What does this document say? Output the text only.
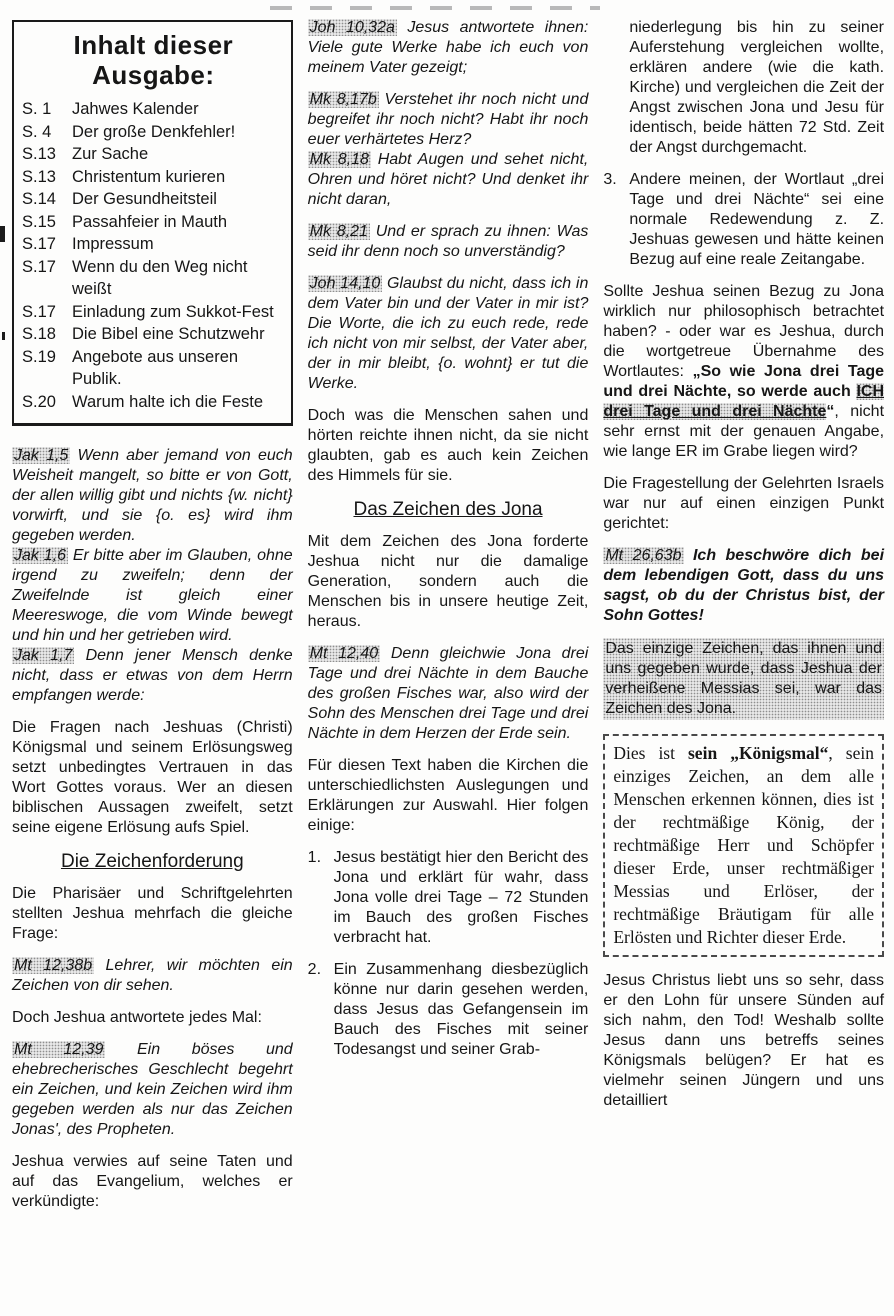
Inhalt dieser Ausgabe:
S. 1	Jahwes Kalender
S. 4	Der große Denkfehler!
S.13 Zur Sache
S.13 Christentum kurieren
S.14 Der Gesundheitsteil
S.15 Passahfeier in Mauth
S.17 Impressum
S.17 Wenn du den Weg nicht weißt
S.17 Einladung zum Sukkot-Fest
S.18 Die Bibel eine Schutzwehr
S.19 Angebote aus unseren Publik.
S.20 Warum halte ich die Feste

Jak 1,5 Wenn aber jemand von euch Weisheit mangelt, so bitte er von Gott, der allen willig gibt und nichts {w. nicht} vorwirft, und sie {o. es} wird ihm gegeben werden.

Jak 1,6 Er bitte aber im Glauben, ohne irgend zu zweifeln; denn der Zweifelnde ist gleich einer Meereswoge, die vom Winde bewegt und hin und her getrieben wird.

Jak 1,7 Denn jener Mensch denke nicht, dass er etwas von dem Herrn empfangen werde:

Die Fragen nach Jeshuas (Christi) Königsmal und seinem Erlösungsweg setzt unbedingtes Vertrauen in das Wort Gottes voraus. Wer an diesen biblischen Aussagen zweifelt, setzt seine eigene Erlösung aufs Spiel.

Die Zeichenforderung

Die Pharisäer und Schriftgelehrten stellten Jeshua mehrfach die gleiche Frage:

Mt 12,38b Lehrer, wir möchten ein Zeichen von dir sehen.

Doch Jeshua antwortete jedes Mal:

Mt 12,39 Ein böses und ehebrecherisches Geschlecht begehrt ein Zeichen, und kein Zeichen wird ihm gegeben werden als nur das Zeichen Jonas', des Propheten.

Jeshua verwies auf seine Taten und auf das Evangelium, welches er verkündigte:

Joh 10,32a Jesus antwortete ihnen: Viele gute Werke habe ich euch von meinem Vater gezeigt;

Mk 8,17b Verstehet ihr noch nicht und begreifet ihr noch nicht? Habt ihr noch euer verhärtetes Herz?

Mk 8,18 Habt Augen und sehet nicht, Ohren und höret nicht? Und denket ihr nicht daran,

Mk 8,21 Und er sprach zu ihnen: Was seid ihr denn noch so unverständig?

Joh 14,10 Glaubst du nicht, dass ich in dem Vater bin und der Vater in mir ist? Die Worte, die ich zu euch rede, rede ich nicht von mir selbst, der Vater aber, der in mir bleibt, {o. wohnt} er tut die Werke.

Doch was die Menschen sahen und hörten reichte ihnen nicht, da sie nicht glaubten, gab es auch kein Zeichen des Himmels für sie.

Das Zeichen des Jona

Mit dem Zeichen des Jona forderte Jeshua nicht nur die damalige Generation, sondern auch die Menschen bis in unsere heutige Zeit, heraus.

Mt 12,40 Denn gleichwie Jona drei Tage und drei Nächte in dem Bauche des großen Fisches war, also wird der Sohn des Menschen drei Tage und drei Nächte in dem Herzen der Erde sein.

Für diesen Text haben die Kirchen die unterschiedlichsten Auslegungen und Erklärungen zur Auswahl. Hier folgen einige:

1. Jesus bestätigt hier den Bericht des Jona und erklärt für wahr, dass Jona volle drei Tage – 72 Stunden im Bauch des großen Fisches verbracht hat.
2. Ein Zusammenhang diesbezüglich könne nur darin gesehen werden, dass Jesus das Gefangensein im Bauch des Fisches mit seiner Todesangst und seiner Grab-
niederlegung bis hin zu seiner Auferstehung vergleichen wollte, erklären andere (wie die kath. Kirche) und vergleichen die Zeit der Angst zwischen Jona und Jesu für identisch, beide hätten 72 Std. Zeit der Angst durchgemacht.
3. Andere meinen, der Wortlaut „drei Tage und drei Nächte“ sei eine normale Redewendung z. Z. Jeshuas gewesen und hätte keinen Bezug auf eine reale Zeitangabe.

Sollte Jeshua seinen Bezug zu Jona wirklich nur philosophisch betrachtet haben? - oder war es Jeshua, durch die wortgetreue Übernahme des Wortlautes: „So wie Jona drei Tage und drei Nächte, so werde auch ICH drei Tage und drei Nächte“, nicht sehr ernst mit der genauen Angabe, wie lange ER im Grabe liegen wird?

Die Fragestellung der Gelehrten Israels war nur auf einen einzigen Punkt gerichtet:

Mt 26,63b Ich beschwöre dich bei dem lebendigen Gott, dass du uns sagst, ob du der Christus bist, der Sohn Gottes!

Das einzige Zeichen, das ihnen und uns gegeben wurde, dass Jeshua der verheißene Messias sei, war das Zeichen des Jona.

Dies ist sein „Königsmal“, sein einziges Zeichen, an dem alle Menschen erkennen können, dies ist der rechtmäßige König, der rechtmäßige Herr und Schöpfer dieser Erde, unser rechtmäßiger Messias und Erlöser, der rechtmäßige Bräutigam für alle Erlösten und Richter dieser Erde.

Jesus Christus liebt uns so sehr, dass er den Lohn für unsere Sünden auf sich nahm, den Tod! Weshalb sollte Jesus dann uns betreffs seines Königsmals belügen? Er hat es vielmehr seinen Jüngern und uns detailliert
